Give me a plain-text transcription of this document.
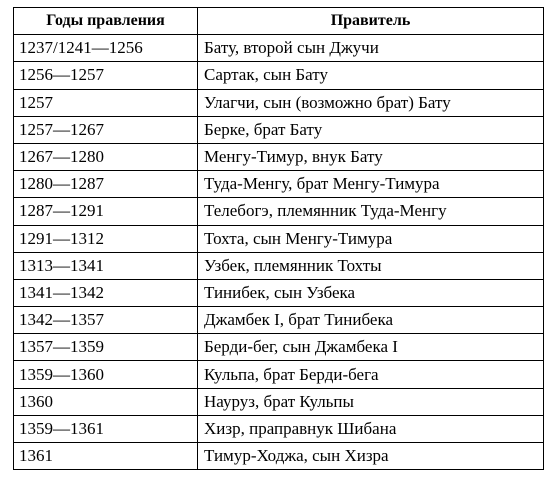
Годы правления	Правитель
1237/1241—1256	Бату, второй сын Джучи
1256—1257	Сартак, сын Бату
1257	Улагчи, сын (возможно брат) Бату
1257—1267	Берке, брат Бату
1267—1280	Менгу-Тимур, внук Бату
1280—1287	Туда-Менгу, брат Менгу-Тимура
1287—1291	Телебогэ, племянник Туда-Менгу
1291—1312	Тохта, сын Менгу-Тимура
1313—1341	Узбек, племянник Тохты
1341—1342	Тинибек, сын Узбека
1342—1357	Джамбек I, брат Тинибека
1357—1359	Берди-бег, сын Джамбека I
1359—1360	Кульпа, брат Берди-бега
1360	Науруз, брат Кульпы
1359—1361	Хизр, праправнук Шибана
1361	Тимур-Ходжа, сын Хизра
